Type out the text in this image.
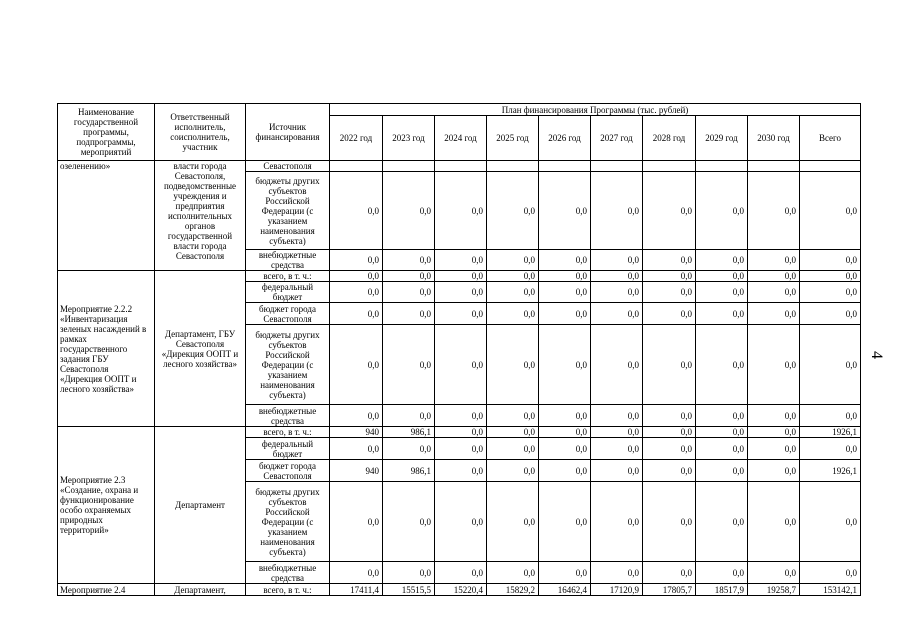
4
Наименование государственной программы, подпрограммы, мероприятий	Ответственный исполнитель, соисполнитель, участник	Источник финансирования	План финансирования Программы (тыс. рублей)									
			2022 год	2023 год	2024 год	2025 год	2026 год	2027 год	2028 год	2029 год	2030 год	Всего
озеленению»	власти города Севастополя, подведомственные учреждения и предприятия исполнительных органов государственной власти города Севастополя	Севастополя										
		бюджеты других субъектов Российской Федерации (с указанием наименования субъекта)	0,0	0,0	0,0	0,0	0,0	0,0	0,0	0,0	0,0	0,0
		внебюджетные средства	0,0	0,0	0,0	0,0	0,0	0,0	0,0	0,0	0,0	0,0
Мероприятие 2.2.2 «Инвентаризация зеленых насаждений в рамках государственного задания ГБУ Севастополя «Дирекция ООПТ и лесного хозяйства»	Департамент, ГБУ Севастополя «Дирекция ООПТ и лесного хозяйства»	всего, в т. ч.:	0,0	0,0	0,0	0,0	0,0	0,0	0,0	0,0	0,0	0,0
		федеральный бюджет	0,0	0,0	0,0	0,0	0,0	0,0	0,0	0,0	0,0	0,0
		бюджет города Севастополя	0,0	0,0	0,0	0,0	0,0	0,0	0,0	0,0	0,0	0,0
		бюджеты других субъектов Российской Федерации (с указанием наименования субъекта)	0,0	0,0	0,0	0,0	0,0	0,0	0,0	0,0	0,0	0,0
		внебюджетные средства	0,0	0,0	0,0	0,0	0,0	0,0	0,0	0,0	0,0	0,0
Мероприятие 2.3 «Создание, охрана и функционирование особо охраняемых природных территорий»	Департамент	всего, в т. ч.:	940	986,1	0,0	0,0	0,0	0,0	0,0	0,0	0,0	1926,1
		федеральный бюджет	0,0	0,0	0,0	0,0	0,0	0,0	0,0	0,0	0,0	0,0
		бюджет города Севастополя	940	986,1	0,0	0,0	0,0	0,0	0,0	0,0	0,0	1926,1
		бюджеты других субъектов Российской Федерации (с указанием наименования субъекта)	0,0	0,0	0,0	0,0	0,0	0,0	0,0	0,0	0,0	0,0
		внебюджетные средства	0,0	0,0	0,0	0,0	0,0	0,0	0,0	0,0	0,0	0,0
Мероприятие 2.4	Департамент,	всего, в т. ч.:	17411,4	15515,5	15220,4	15829,2	16462,4	17120,9	17805,7	18517,9	19258,7	153142,1
